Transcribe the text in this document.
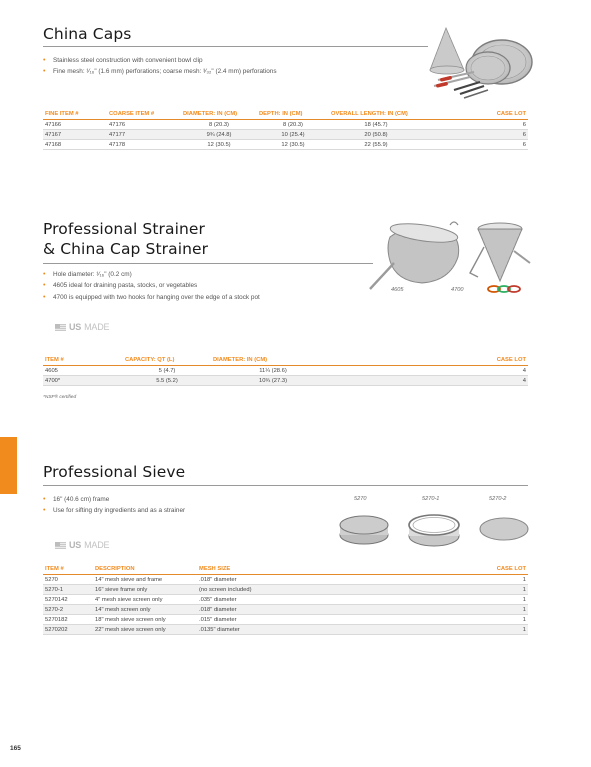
China Caps
• Stainless steel construction with convenient bowl clip
• Fine mesh: ¹⁄₁₆" (1.6 mm) perforations; coarse mesh: ³⁄₃₂" (2.4 mm) perforations
FINE ITEM #	COARSE ITEM #	DIAMETER: IN (CM)	DEPTH: IN (CM)	OVERALL LENGTH: IN (CM)	CASE LOT
47166	47176	8 (20.3)	8 (20.3)	18 (45.7)	6
47167	47177	9¾ (24.8)	10 (25.4)	20 (50.8)	6
47168	47178	12 (30.5)	12 (30.5)	22 (55.9)	6
Professional Strainer
& China Cap Strainer
• Hole diameter: ¹⁄₁₆" (0.2 cm)
• 4605 ideal for draining pasta, stocks, or vegetables
• 4700 is equipped with two hooks for hanging over the edge of a stock pot
US MADE
4605	4700
ITEM #	CAPACITY: QT (L)	DIAMETER: IN (CM)	CASE LOT
4605	5 (4.7)	11¼ (28.6)	4
4700*	5.5 (5.2)	10¾ (27.3)	4
*NSF® certified
Professional Sieve
• 16" (40.6 cm) frame
• Use for sifting dry ingredients and as a strainer
US MADE
5270	5270-1	5270-2
ITEM #	DESCRIPTION	MESH SIZE	CASE LOT
5270	14" mesh sieve and frame	.018" diameter	1
5270-1	16" sieve frame only	(no screen included)	1
5270142	4" mesh sieve screen only	.035" diameter	1
5270-2	14" mesh screen only	.018" diameter	1
5270182	18" mesh sieve screen only	.015" diameter	1
5270202	22" mesh sieve screen only	.0135" diameter	1
165
